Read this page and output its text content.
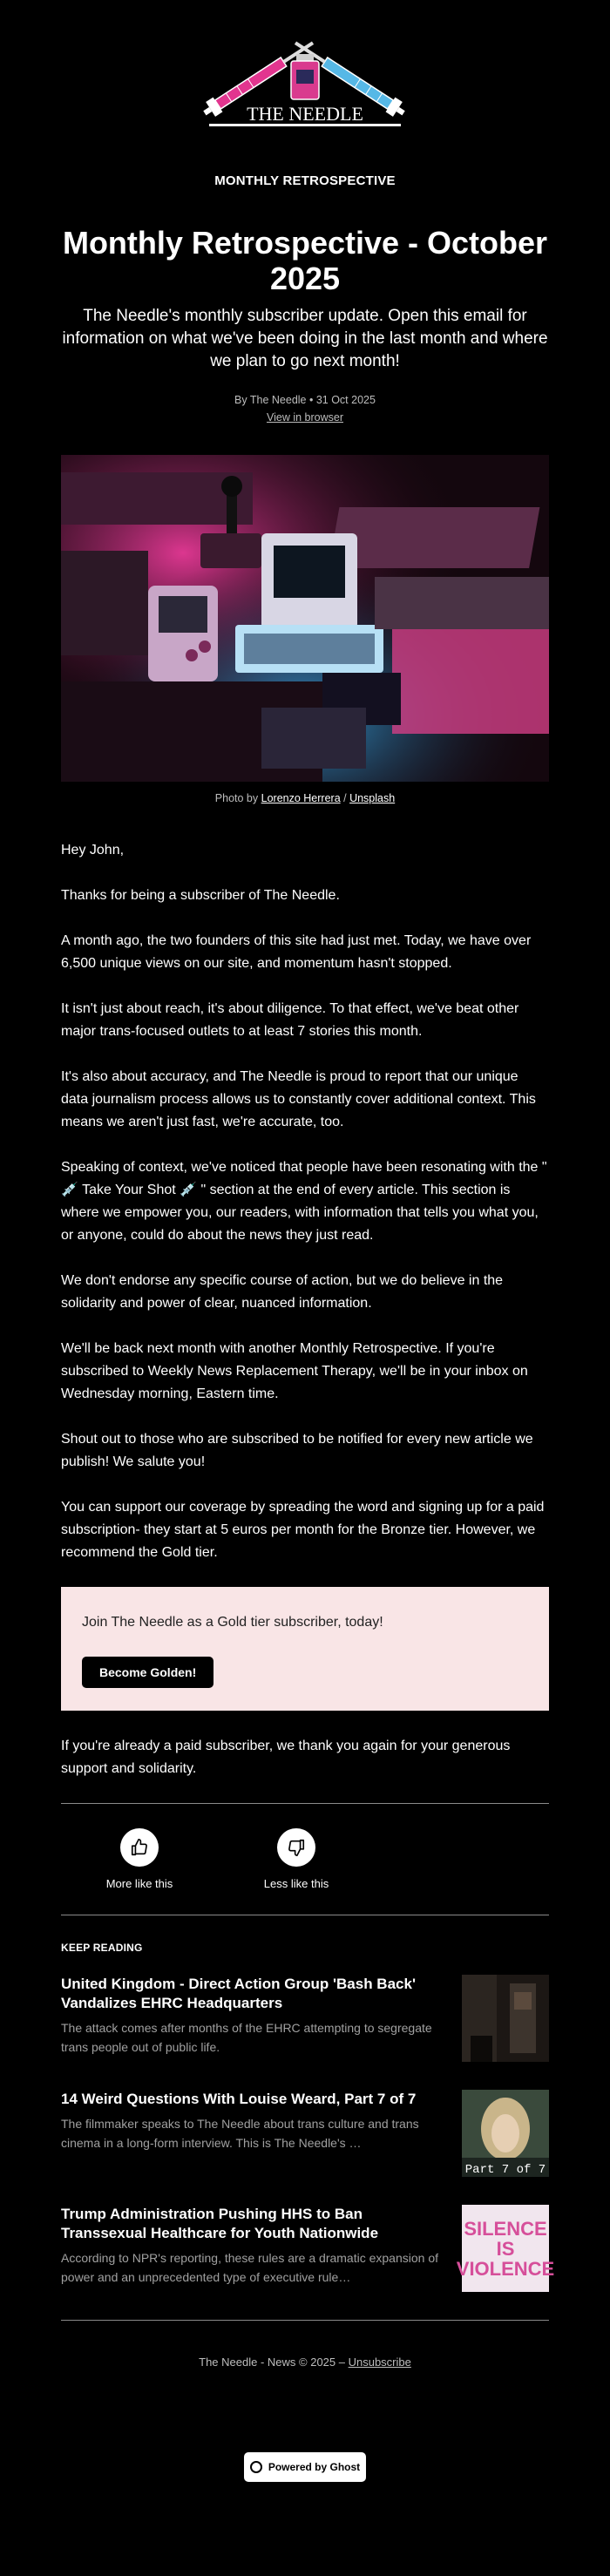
THE NEEDLE
MONTHLY RETROSPECTIVE
Monthly Retrospective - October 2025

The Needle's monthly subscriber update. Open this email for information on what we've been doing in the last month and where we plan to go next month!

By The Needle • 31 Oct 2025
View in browser
Photo by Lorenzo Herrera / Unsplash

Hey John,

Thanks for being a subscriber of The Needle.

A month ago, the two founders of this site had just met. Today, we have over 6,500 unique views on our site, and momentum hasn't stopped.

It isn't just about reach, it's about diligence. To that effect, we've beat other major trans-focused outlets to at least 7 stories this month.

It's also about accuracy, and The Needle is proud to report that our unique data journalism process allows us to constantly cover additional context. This means we aren't just fast, we're accurate, too.

Speaking of context, we've noticed that people have been resonating with the " 💉 Take Your Shot 💉 " section at the end of every article. This section is where we empower you, our readers, with information that tells you what you, or anyone, could do about the news they just read.

We don't endorse any specific course of action, but we do believe in the solidarity and power of clear, nuanced information.

We'll be back next month with another Monthly Retrospective. If you're subscribed to Weekly News Replacement Therapy, we'll be in your inbox on Wednesday morning, Eastern time.

Shout out to those who are subscribed to be notified for every new article we publish! We salute you!

You can support our coverage by spreading the word and signing up for a paid subscription- they start at 5 euros per month for the Bronze tier. However, we recommend the Gold tier.

Join The Needle as a Gold tier subscriber, today!

Become Golden!

If you're already a paid subscriber, we thank you again for your generous support and solidarity.

More like this	Less like this
KEEP READING

United Kingdom - Direct Action Group 'Bash Back' Vandalizes EHRC Headquarters

The attack comes after months of the EHRC attempting to segregate trans people out of public life.

14 Weird Questions With Louise Weard, Part 7 of 7

The filmmaker speaks to The Needle about trans culture and trans cinema in a long-form interview. This is The Needle's …

Part 7 of 7

Trump Administration Pushing HHS to Ban Transsexual Healthcare for Youth Nationwide

According to NPR's reporting, these rules are a dramatic expansion of power and an unprecedented type of executive rule…

SILENCE IS VIOLENCE
The Needle - News © 2025 – Unsubscribe
Powered by Ghost
